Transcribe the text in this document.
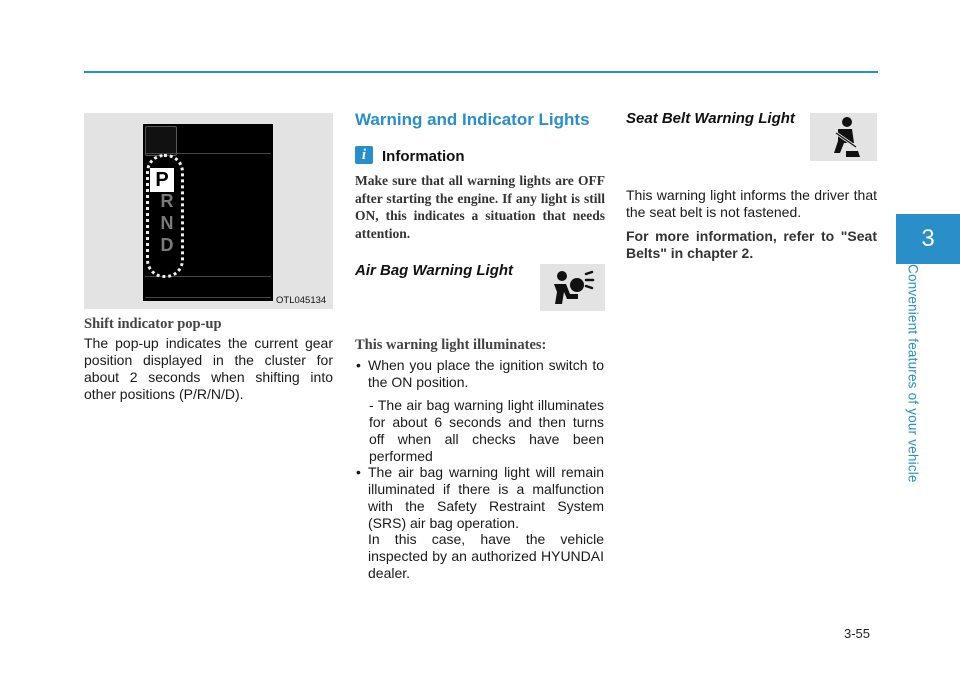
3
Convenient features of your vehicle
P
R
N
D
OTL045134
Shift indicator pop-up
The pop-up indicates the current gear position displayed in the cluster for about 2 seconds when shifting into other positions (P/R/N/D).
Warning and Indicator Lights
i	Information
Make sure that all warning lights are OFF after starting the engine. If any light is still ON, this indicates a situation that needs attention.
Air Bag Warning Light
This warning light illuminates:
• When you place the ignition switch to the ON position.
- The air bag warning light illuminates for about 6 seconds and then turns off when all checks have been performed
• The air bag warning light will remain illuminated if there is a malfunction with the Safety Restraint System (SRS) air bag operation.
In this case, have the vehicle inspected by an authorized HYUNDAI dealer.
Seat Belt Warning Light
This warning light informs the driver that the seat belt is not fastened.
For more information, refer to "Seat Belts" in chapter 2.
3-55
